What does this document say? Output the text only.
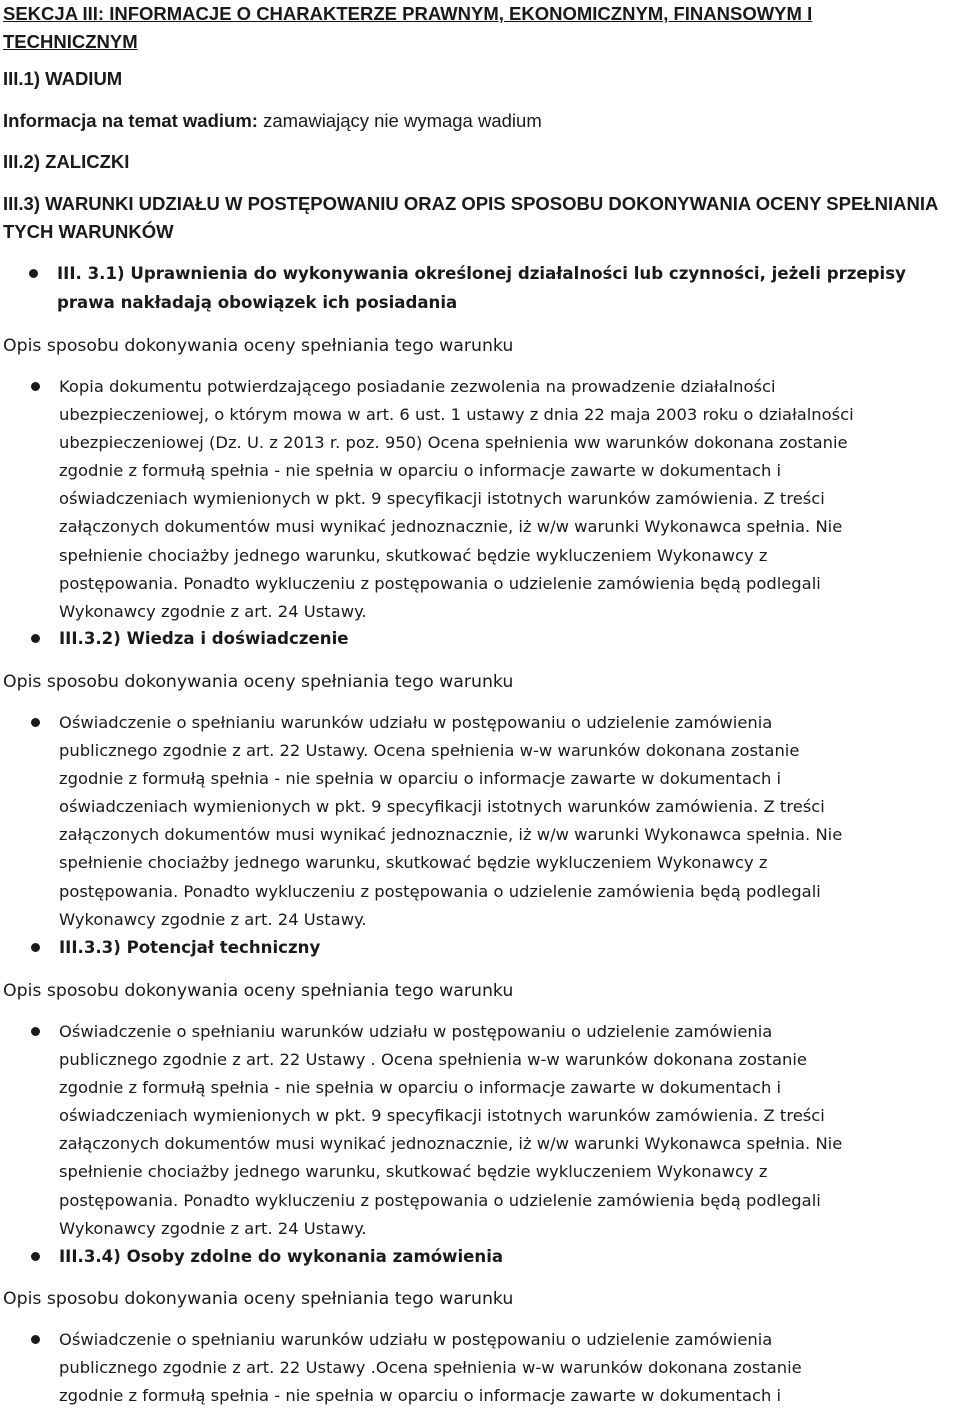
SEKCJA III: INFORMACJE O CHARAKTERZE PRAWNYM, EKONOMICZNYM, FINANSOWYM I TECHNICZNYM
III.1) WADIUM
Informacja na temat wadium: zamawiający nie wymaga wadium
III.2) ZALICZKI
III.3) WARUNKI UDZIAŁU W POSTĘPOWANIU ORAZ OPIS SPOSOBU DOKONYWANIA OCENY SPEŁNIANIA TYCH WARUNKÓW
III. 3.1) Uprawnienia do wykonywania określonej działalności lub czynności, jeżeli przepisy prawa nakładają obowiązek ich posiadania
Opis sposobu dokonywania oceny spełniania tego warunku
Kopia dokumentu potwierdzającego posiadanie zezwolenia na prowadzenie działalności
ubezpieczeniowej, o którym mowa w art. 6 ust. 1 ustawy z dnia 22 maja 2003 roku o działalności
ubezpieczeniowej (Dz. U. z 2013 r. poz. 950) Ocena spełnienia ww warunków dokonana zostanie
zgodnie z formułą spełnia - nie spełnia w oparciu o informacje zawarte w dokumentach i
oświadczeniach wymienionych w pkt. 9 specyfikacji istotnych warunków zamówienia. Z treści
załączonych dokumentów musi wynikać jednoznacznie, iż w/w warunki Wykonawca spełnia. Nie
spełnienie chociażby jednego warunku, skutkować będzie wykluczeniem Wykonawcy z
postępowania. Ponadto wykluczeniu z postępowania o udzielenie zamówienia będą podlegali
Wykonawcy zgodnie z art. 24 Ustawy.
III.3.2) Wiedza i doświadczenie
Opis sposobu dokonywania oceny spełniania tego warunku
Oświadczenie o spełnianiu warunków udziału w postępowaniu o udzielenie zamówienia
publicznego zgodnie z art. 22 Ustawy. Ocena spełnienia w-w warunków dokonana zostanie
zgodnie z formułą spełnia - nie spełnia w oparciu o informacje zawarte w dokumentach i
oświadczeniach wymienionych w pkt. 9 specyfikacji istotnych warunków zamówienia. Z treści
załączonych dokumentów musi wynikać jednoznacznie, iż w/w warunki Wykonawca spełnia. Nie
spełnienie chociażby jednego warunku, skutkować będzie wykluczeniem Wykonawcy z
postępowania. Ponadto wykluczeniu z postępowania o udzielenie zamówienia będą podlegali
Wykonawcy zgodnie z art. 24 Ustawy.
III.3.3) Potencjał techniczny
Opis sposobu dokonywania oceny spełniania tego warunku
Oświadczenie o spełnianiu warunków udziału w postępowaniu o udzielenie zamówienia
publicznego zgodnie z art. 22 Ustawy . Ocena spełnienia w-w warunków dokonana zostanie
zgodnie z formułą spełnia - nie spełnia w oparciu o informacje zawarte w dokumentach i
oświadczeniach wymienionych w pkt. 9 specyfikacji istotnych warunków zamówienia. Z treści
załączonych dokumentów musi wynikać jednoznacznie, iż w/w warunki Wykonawca spełnia. Nie
spełnienie chociażby jednego warunku, skutkować będzie wykluczeniem Wykonawcy z
postępowania. Ponadto wykluczeniu z postępowania o udzielenie zamówienia będą podlegali
Wykonawcy zgodnie z art. 24 Ustawy.
III.3.4) Osoby zdolne do wykonania zamówienia
Opis sposobu dokonywania oceny spełniania tego warunku
Oświadczenie o spełnianiu warunków udziału w postępowaniu o udzielenie zamówienia
publicznego zgodnie z art. 22 Ustawy .Ocena spełnienia w-w warunków dokonana zostanie
zgodnie z formułą spełnia - nie spełnia w oparciu o informacje zawarte w dokumentach i
